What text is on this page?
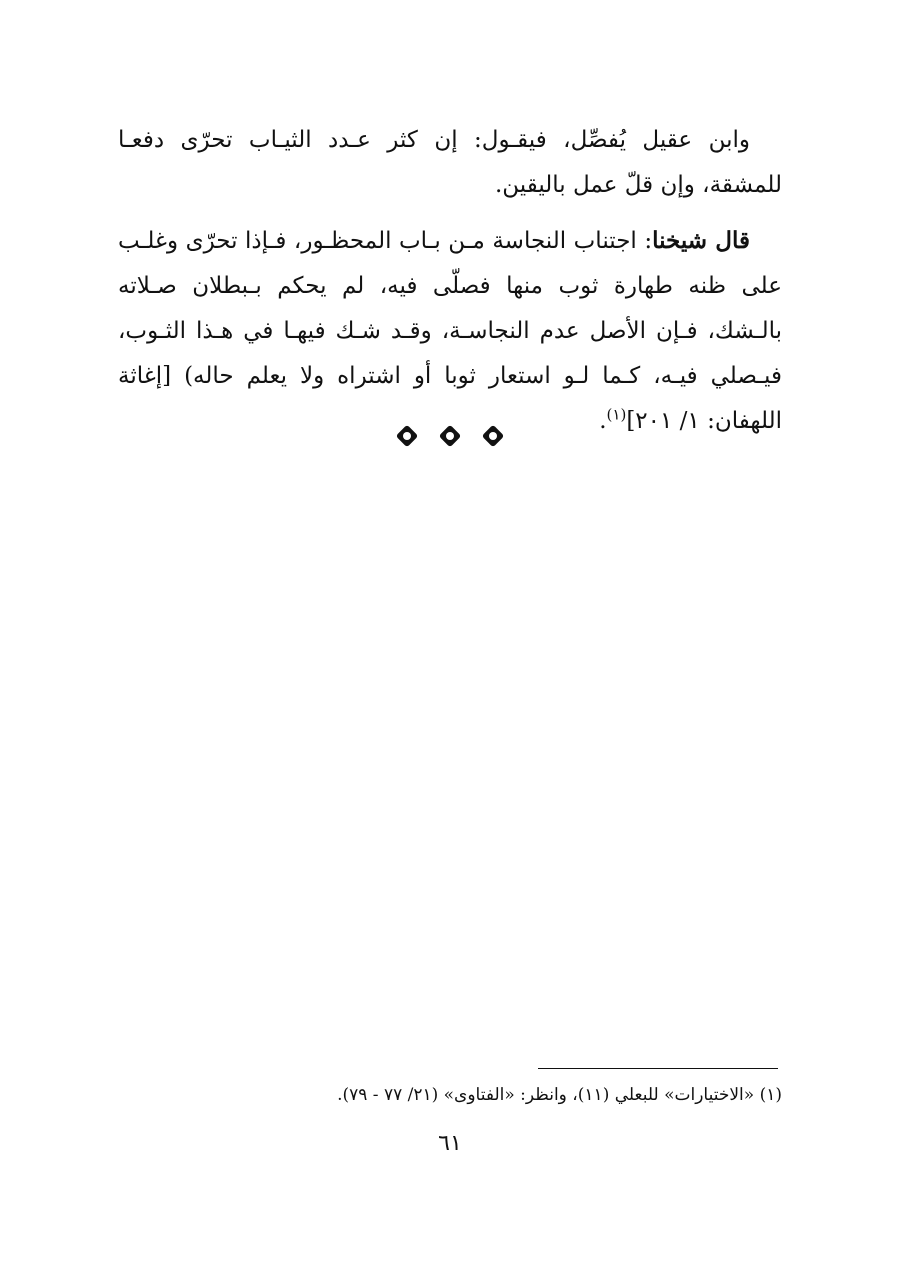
وابن عقيل يُفصِّل، فيقـول: إن كثر عـدد الثيـاب تحرّى دفعـا للمشقة، وإن قلّ عمل باليقين.

قال شيخنا: اجتناب النجاسة مـن بـاب المحظـور، فـإذا تحرّى وغلـب على ظنه طهارة ثوب منها فصلّى فيه، لم يحكم بـبطلان صـلاته بالـشك، فـإن الأصل عدم النجاسـة، وقـد شـك فيهـا في هـذا الثـوب، فيـصلي فيـه، كـما لـو استعار ثوبا أو اشتراه ولا يعلم حاله) [إغاثة اللهفان: ١/ ٢٠١]$^{(١)}$.

(١) «الاختيارات» للبعلي (١١)، وانظر: «الفتاوى» (٢١/ ٧٧ - ٧٩).
٦١
